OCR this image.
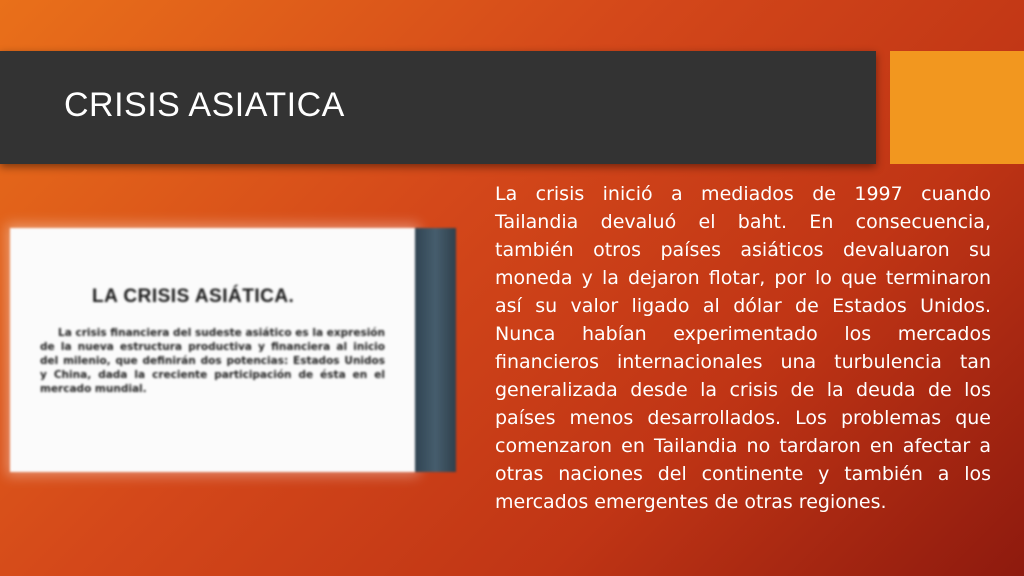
CRISIS ASIATICA
LA CRISIS ASIÁTICA.
La crisis financiera del sudeste asiático es la expresión de la nueva estructura productiva y financiera al inicio del milenio, que definirán dos potencias: Estados Unidos y China, dada la creciente participación de ésta en el mercado mundial.
La crisis inició a mediados de 1997 cuando Tailandia devaluó el baht. En consecuencia, también otros países asiáticos devaluaron su moneda y la dejaron flotar, por lo que terminaron así su valor ligado al dólar de Estados Unidos. Nunca habían experimentado los mercados financieros internacionales una turbulencia tan generalizada desde la crisis de la deuda de los países menos desarrollados. Los problemas que comenzaron en Tailandia no tardaron en afectar a otras naciones del continente y también a los mercados emergentes de otras regiones.
